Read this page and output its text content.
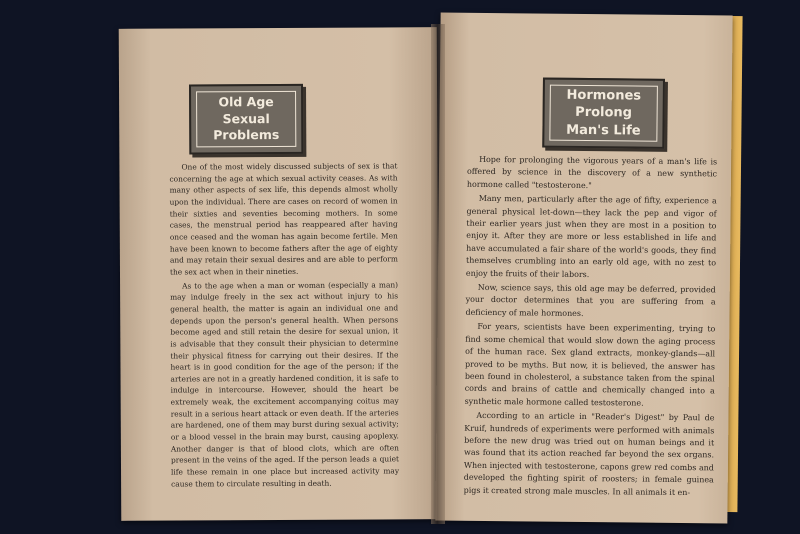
Old Age
Sexual
Problems

One of the most widely discussed subjects of sex is that concerning the age at which sexual activity ceases. As with many other aspects of sex life, this depends almost wholly upon the individual. There are cases on record of women in their sixties and seventies becoming mothers. In some cases, the menstrual period has reappeared after having once ceased and the woman has again become fertile. Men have been known to become fathers after the age of eighty and may retain their sexual desires and are able to perform the sex act when in their nineties.

As to the age when a man or woman (especially a man) may indulge freely in the sex act without injury to his general health, the matter is again an individual one and depends upon the person's general health. When persons become aged and still retain the desire for sexual union, it is advisable that they consult their physician to determine their physical fitness for carrying out their desires. If the heart is in good condition for the age of the person; if the arteries are not in a greatly hardened condition, it is safe to indulge in intercourse. However, should the heart be extremely weak, the excitement accompanying coitus may result in a serious heart attack or even death. If the arteries are hardened, one of them may burst during sexual activity; or a blood vessel in the brain may burst, causing apoplexy. Another danger is that of blood clots, which are often present in the veins of the aged. If the person leads a quiet life these remain in one place but increased activity may cause them to circulate resulting in death.

Hormones
Prolong
Man's Life

Hope for prolonging the vigorous years of a man's life is offered by science in the discovery of a new synthetic hormone called "testosterone."

Many men, particularly after the age of fifty, experience a general physical let-down—they lack the pep and vigor of their earlier years just when they are most in a position to enjoy it. After they are more or less established in life and have accumulated a fair share of the world's goods, they find themselves crumbling into an early old age, with no zest to enjoy the fruits of their labors.

Now, science says, this old age may be deferred, provided your doctor determines that you are suffering from a deficiency of male hormones.

For years, scientists have been experimenting, trying to find some chemical that would slow down the aging process of the human race. Sex gland extracts, monkey-glands—all proved to be myths. But now, it is believed, the answer has been found in cholesterol, a substance taken from the spinal cords and brains of cattle and chemically changed into a synthetic male hormone called testosterone.

According to an article in "Reader's Digest" by Paul de Kruif, hundreds of experiments were performed with animals before the new drug was tried out on human beings and it was found that its action reached far beyond the sex organs. When injected with testosterone, capons grew red combs and developed the fighting spirit of roosters; in female guinea pigs it created strong male muscles. In all animals it en-
